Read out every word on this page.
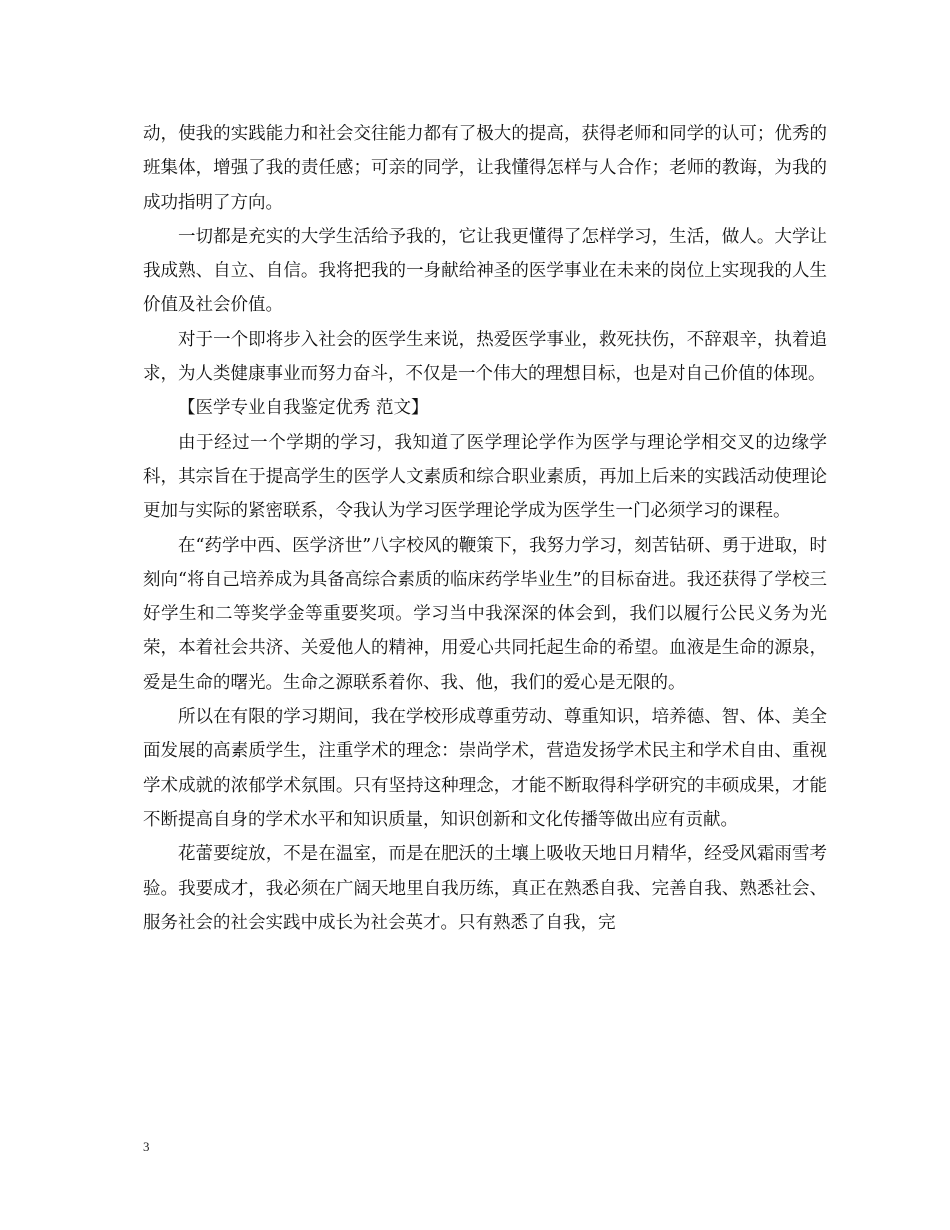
动，使我的实践能力和社会交往能力都有了极大的提高，获得老师和同学的认可；优秀的班集体，增强了我的责任感；可亲的同学，让我懂得怎样与人合作；老师的教诲，为我的成功指明了方向。

一切都是充实的大学生活给予我的，它让我更懂得了怎样学习，生活，做人。大学让我成熟、自立、自信。我将把我的一身献给神圣的医学事业在未来的岗位上实现我的人生价值及社会价值。

对于一个即将步入社会的医学生来说，热爱医学事业，救死扶伤，不辞艰辛，执着追求，为人类健康事业而努力奋斗，不仅是一个伟大的理想目标，也是对自己价值的体现。

【医学专业自我鉴定优秀 范文】

由于经过一个学期的学习，我知道了医学理论学作为医学与理论学相交叉的边缘学科，其宗旨在于提高学生的医学人文素质和综合职业素质，再加上后来的实践活动使理论更加与实际的紧密联系，令我认为学习医学理论学成为医学生一门必须学习的课程。

在“药学中西、医学济世”八字校风的鞭策下，我努力学习，刻苦钻研、勇于进取，时刻向“将自己培养成为具备高综合素质的临床药学毕业生”的目标奋进。我还获得了学校三好学生和二等奖学金等重要奖项。学习当中我深深的体会到，我们以履行公民义务为光荣，本着社会共济、关爱他人的精神，用爱心共同托起生命的希望。血液是生命的源泉，爱是生命的曙光。生命之源联系着你、我、他，我们的爱心是无限的。

所以在有限的学习期间，我在学校形成尊重劳动、尊重知识，培养德、智、体、美全面发展的高素质学生，注重学术的理念：崇尚学术，营造发扬学术民主和学术自由、重视学术成就的浓郁学术氛围。只有坚持这种理念，才能不断取得科学研究的丰硕成果，才能不断提高自身的学术水平和知识质量，知识创新和文化传播等做出应有贡献。

花蕾要绽放，不是在温室，而是在肥沃的土壤上吸收天地日月精华，经受风霜雨雪考验。我要成才，我必须在广阔天地里自我历练，真正在熟悉自我、完善自我、熟悉社会、服务社会的社会实践中成长为社会英才。只有熟悉了自我，完

3
